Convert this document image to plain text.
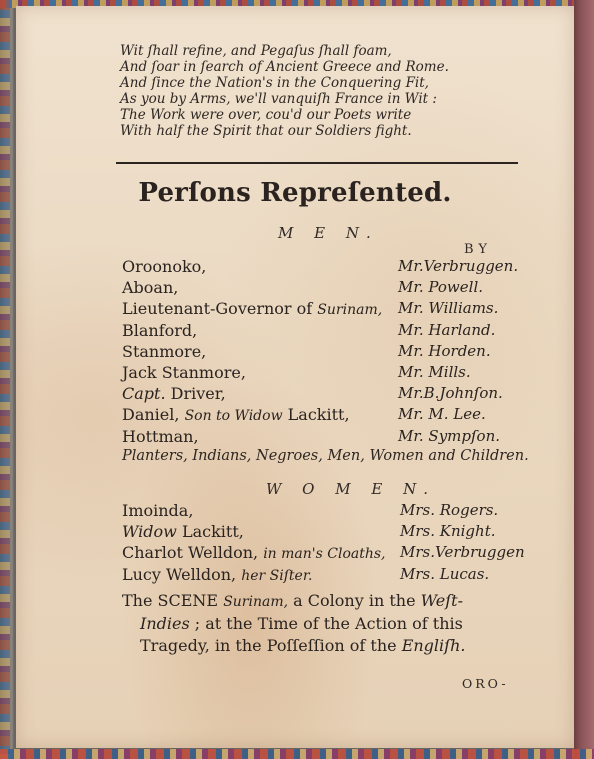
Wit ſhall refine, and Pegaſus ſhall foam,
And ſoar in ſearch of Ancient Greece and Rome.
And ſince the Nation's in the Conquering Fit,
As you by Arms, we'll vanquiſh France in Wit :
The Work were over, cou'd our Poets write
With half the Spirit that our Soldiers fight.
Perſons Repreſented.
M E N.
BY
Oroonoko,	Mr.Verbruggen.
Aboan,	Mr. Powell.
Lieutenant-Governor of Surinam, Mr. Williams.
Blanford,	Mr. Harland.
Stanmore,	Mr. Horden.
Jack Stanmore,	Mr. Mills.
Capt. Driver,	Mr.B.Johnſon.
Daniel, Son to Widow Lackitt,	Mr. M. Lee.
Hottman,	Mr. Sympſon.
Planters, Indians, Negroes, Men, Women and Children.
W O M E N.
Imoinda,	Mrs. Rogers.
Widow Lackitt,	Mrs. Knight.
Charlot Welldon, in man's Cloaths, Mrs.Verbruggen
Lucy Welldon, her Siſter.	Mrs. Lucas.
The SCENE Surinam, a Colony in the Weſt-
Indies ; at the Time of the Action of this
Tragedy, in the Poſſeſſion of the Engliſh.
ORO-
